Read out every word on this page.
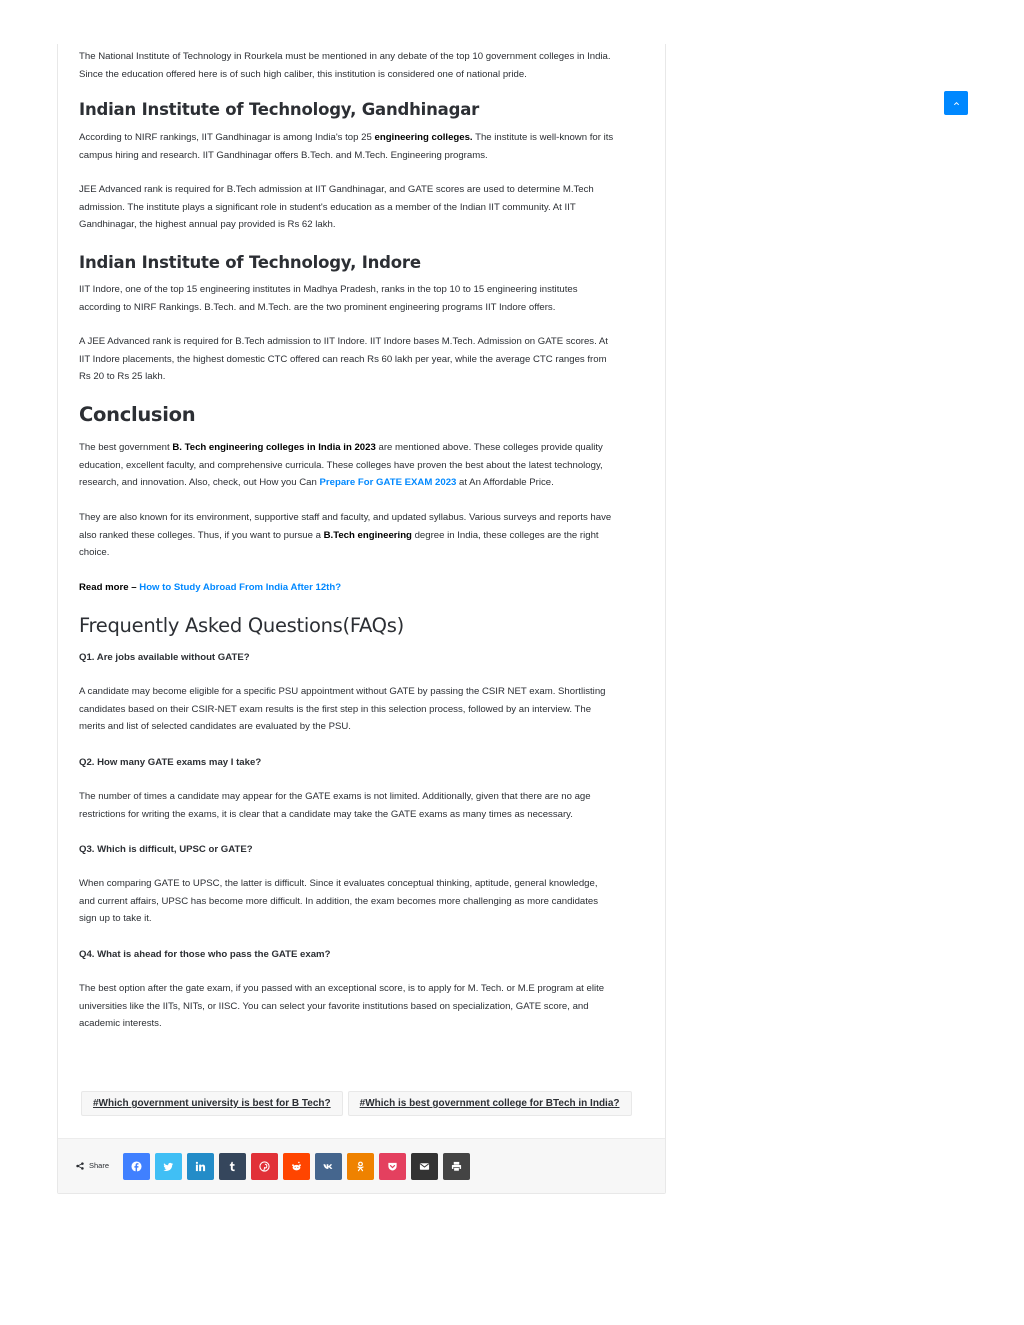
The National Institute of Technology in Rourkela must be mentioned in any debate of the top 10 government colleges in India.
Since the education offered here is of such high caliber, this institution is considered one of national pride.

Indian Institute of Technology, Gandhinagar

According to NIRF rankings, IIT Gandhinagar is among India's top 25 engineering colleges. The institute is well-known for its
campus hiring and research. IIT Gandhinagar offers B.Tech. and M.Tech. Engineering programs.

JEE Advanced rank is required for B.Tech admission at IIT Gandhinagar, and GATE scores are used to determine M.Tech
admission. The institute plays a significant role in student's education as a member of the Indian IIT community. At IIT
Gandhinagar, the highest annual pay provided is Rs 62 lakh.

Indian Institute of Technology, Indore

IIT Indore, one of the top 15 engineering institutes in Madhya Pradesh, ranks in the top 10 to 15 engineering institutes
according to NIRF Rankings. B.Tech. and M.Tech. are the two prominent engineering programs IIT Indore offers.

A JEE Advanced rank is required for B.Tech admission to IIT Indore. IIT Indore bases M.Tech. Admission on GATE scores. At
IIT Indore placements, the highest domestic CTC offered can reach Rs 60 lakh per year, while the average CTC ranges from
Rs 20 to Rs 25 lakh.

Conclusion

The best government B. Tech engineering colleges in India in 2023 are mentioned above. These colleges provide quality
education, excellent faculty, and comprehensive curricula. These colleges have proven the best about the latest technology,
research, and innovation. Also, check, out How you Can Prepare For GATE EXAM 2023 at An Affordable Price.

They are also known for its environment, supportive staff and faculty, and updated syllabus. Various surveys and reports have
also ranked these colleges. Thus, if you want to pursue a B.Tech engineering degree in India, these colleges are the right
choice.

Read more – How to Study Abroad From India After 12th?

Frequently Asked Questions(FAQs)

Q1. Are jobs available without GATE?

A candidate may become eligible for a specific PSU appointment without GATE by passing the CSIR NET exam. Shortlisting
candidates based on their CSIR-NET exam results is the first step in this selection process, followed by an interview. The
merits and list of selected candidates are evaluated by the PSU.

Q2. How many GATE exams may I take?

The number of times a candidate may appear for the GATE exams is not limited. Additionally, given that there are no age
restrictions for writing the exams, it is clear that a candidate may take the GATE exams as many times as necessary.

Q3. Which is difficult, UPSC or GATE?

When comparing GATE to UPSC, the latter is difficult. Since it evaluates conceptual thinking, aptitude, general knowledge,
and current affairs, UPSC has become more difficult. In addition, the exam becomes more challenging as more candidates
sign up to take it.

Q4. What is ahead for those who pass the GATE exam?

The best option after the gate exam, if you passed with an exceptional score, is to apply for M. Tech. or M.E program at elite
universities like the IITs, NITs, or IISC. You can select your favorite institutions based on specialization, GATE score, and
academic interests.

#Which government university is best for B Tech?	#Which is best government college for BTech in India?
Share
